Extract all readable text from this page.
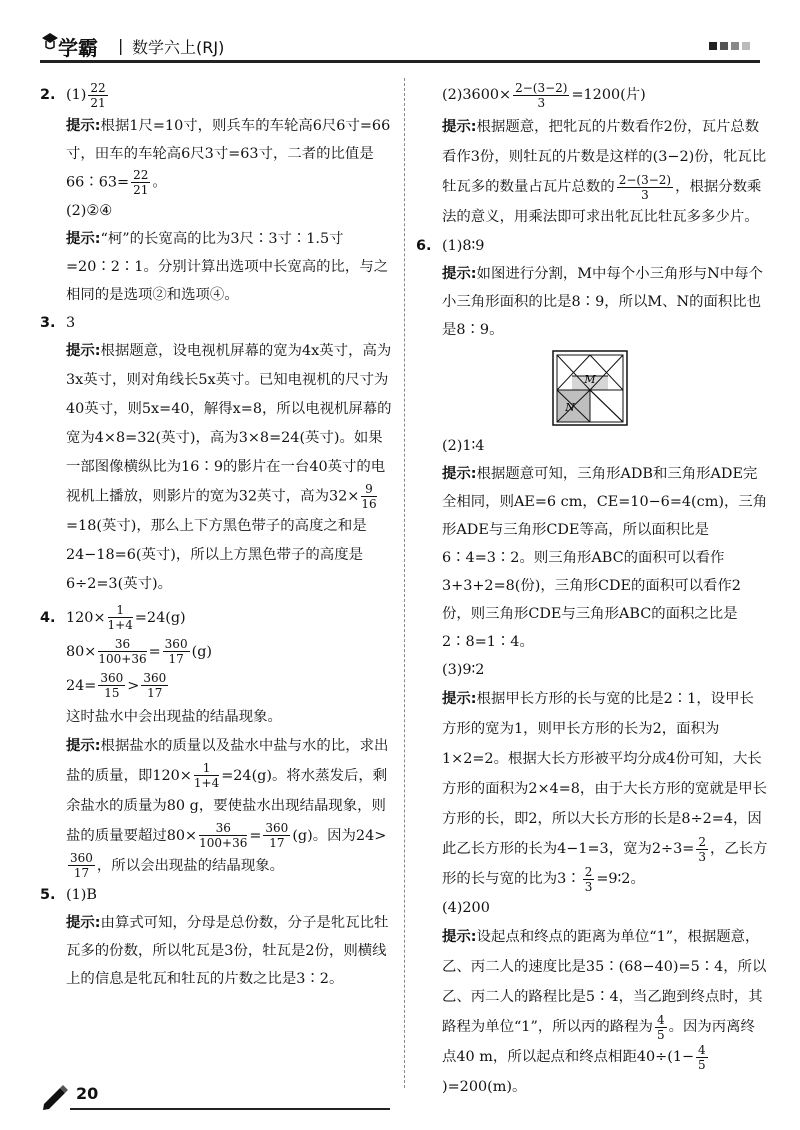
学霸 | 数学六上(RJ)

2. $(1) \frac{22}{21}$

提示:根据1尺=10寸，则兵车的车轮高6尺6寸=66寸，田车的车轮高6尺3寸=63寸，二者的比值是66∶63= $\frac{22}{21}$ 。

(2)②④

提示:“柯”的长宽高的比为3尺∶3寸∶1.5寸=20∶2∶1。分别计算出选项中长宽高的比，与之相同的是选项②和选项④。

3. 3

提示:根据题意，设电视机屏幕的宽为4x英寸，高为3x英寸，则对角线长5x英寸。已知电视机的尺寸为40英寸，则5x=40，解得x=8，所以电视机屏幕的宽为4×8=32(英寸)，高为3×8=24(英寸)。如果一部图像横纵比为16∶9的影片在一台40英寸的电视机上播放，则影片的宽为32英寸，高为$32\times \frac{9}{16}$
=18(英寸)，那么上下方黑色带子的高度之和是24−18=6(英寸)，所以上方黑色带子的高度是6÷2=3(英寸)。

4. $120\times \frac{1}{1+4} =24(g)$

$80\times \frac{36}{100+36} = \frac{360}{17} (g)$

$24= \frac{360}{15} > \frac{360}{17}$

这时盐水中会出现盐的结晶现象。

提示:根据盐水的质量以及盐水中盐与水的比，求出盐的质量，即$120\times \frac{1}{1+4} =24(g)$。将水蒸发后，剩余盐水的质量为80 g，要使盐水出现结晶现象，则盐的质量要超过$80\times \frac{36}{100+36} = \frac{360}{17} (g)$。因为24>
$\frac{360}{17}$ ，所以会出现盐的结晶现象。

5. (1)B

提示:由算式可知，分母是总份数，分子是牝瓦比牡瓦多的份数，所以牝瓦是3份，牡瓦是2份，则横线上的信息是牝瓦和牡瓦的片数之比是3∶2。

$(2)3600\times \frac{2-(3-2)}{3} =1200$(片)

提示:根据题意，把牝瓦的片数看作2份，瓦片总数看作3份，则牡瓦的片数是这样的(3−2)份，牝瓦比牡瓦多的数量占瓦片总数的 $\frac{2-(3-2)}{3}$ ，根据分数乘法的意义，用乘法即可求出牝瓦比牡瓦多多少片。

6. (1)8∶9

提示:如图进行分割，M中每个小三角形与N中每个小三角形面积的比是8∶9，所以M、N的面积比也是8∶9。

M
N

(2)1∶4

提示:根据题意可知，三角形ADB和三角形ADE完全相同，则AE=6 cm，CE=10−6=4(cm)，三角形ADE与三角形CDE等高，所以面积比是6∶4=3∶2。则三角形ABC的面积可以看作3+3+2=8(份)，三角形CDE的面积可以看作2份，则三角形CDE与三角形ABC的面积之比是2∶8=1∶4。

(3)9∶2

提示:根据甲长方形的长与宽的比是2∶1，设甲长方形的宽为1，则甲长方形的长为2，面积为1×2=2。根据大长方形被平均分成4份可知，大长方形的面积为2×4=8，由于大长方形的宽就是甲长方形的长，即2，所以大长方形的长是8÷2=4，因此乙长方形的长为4−1=3，宽为$2\div 3= \frac{2}{3}$ ，乙长方形的长与宽的比为3∶ $\frac{2}{3}$ =9∶2。

(4)200

提示:设起点和终点的距离为单位“1”，根据题意，乙、丙二人的速度比是35∶(68−40)=5∶4，所以乙、丙二人的路程比是5∶4，当乙跑到终点时，其路程为单位“1”，所以丙的路程为 $\frac{4}{5}$ 。因为丙离终点40 m，所以起点和终点相距$40\div(1- \frac{4}{5}$
)=200(m)。

20
